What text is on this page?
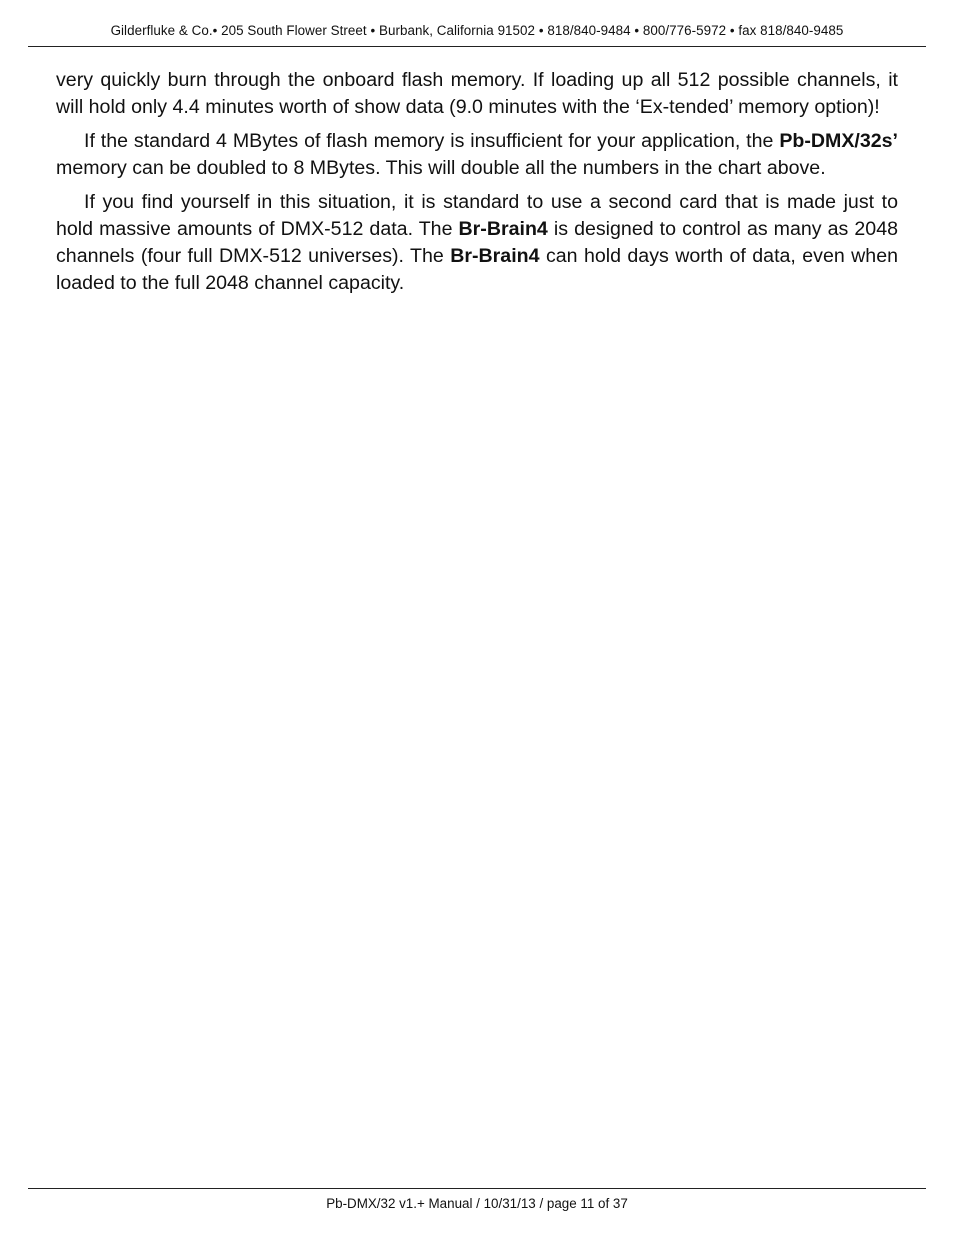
Gilderfluke & Co.• 205 South Flower Street • Burbank, California 91502 • 818/840-9484 • 800/776-5972 • fax 818/840-9485

very quickly burn through the onboard flash memory. If loading up all 512 possible channels, it will hold only 4.4 minutes worth of show data (9.0 minutes with the ‘Ex-tended’ memory option)!

If the standard 4 MBytes of flash memory is insufficient for your application, the Pb-DMX/32s’ memory can be doubled to 8 MBytes. This will double all the numbers in the chart above.

If you find yourself in this situation, it is standard to use a second card that is made just to hold massive amounts of DMX-512 data. The Br-Brain4 is designed to control as many as 2048 channels (four full DMX-512 universes). The Br-Brain4 can hold days worth of data, even when loaded to the full 2048 channel capacity.

Pb-DMX/32 v1.+ Manual / 10/31/13 / page 11 of 37
